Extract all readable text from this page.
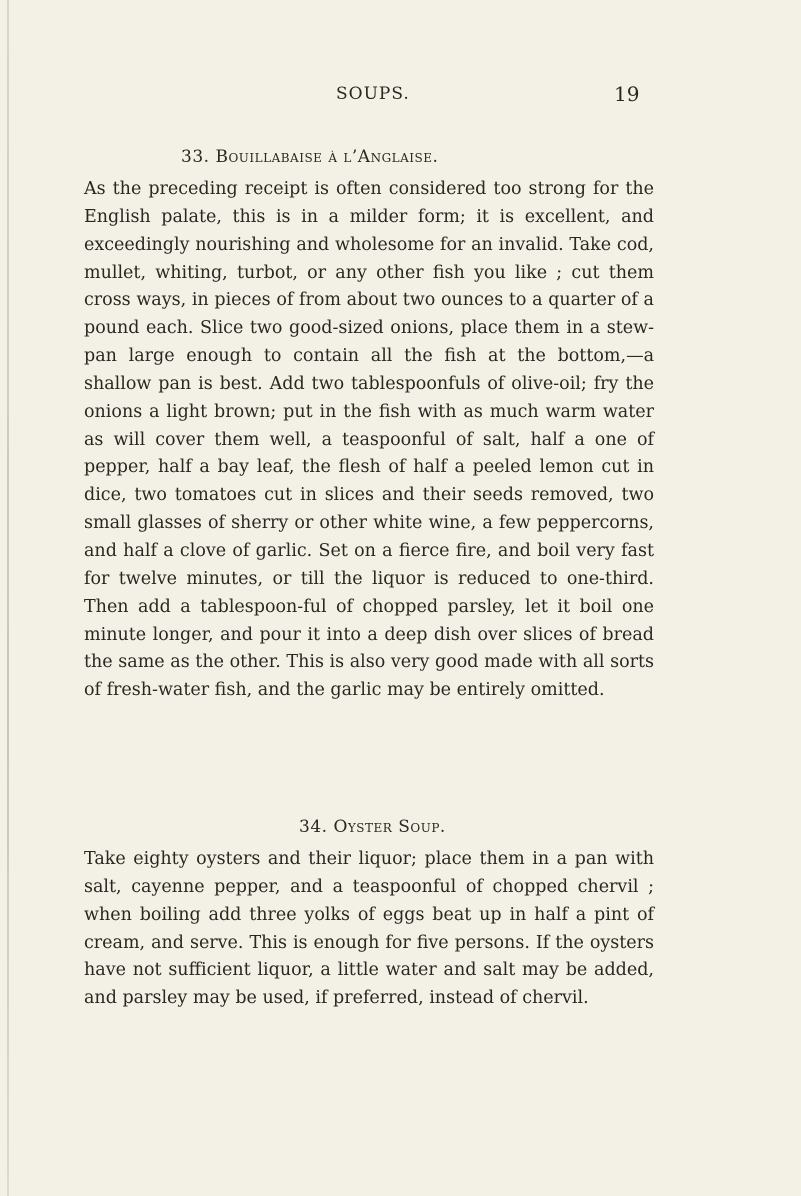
SOUPS.	19
33. Bouillabaise à l’Anglaise.

As the preceding receipt is often considered too strong for the English palate, this is in a milder form; it is excellent, and exceedingly nourishing and wholesome for an invalid. Take cod, mullet, whiting, turbot, or any other fish you like ; cut them cross ways, in pieces of from about two ounces to a quarter of a pound each. Slice two good-sized onions, place them in a stew-pan large enough to contain all the fish at the bottom,—a shallow pan is best. Add two tablespoonfuls of olive-oil; fry the onions a light brown; put in the fish with as much warm water as will cover them well, a teaspoonful of salt, half a one of pepper, half a bay leaf, the flesh of half a peeled lemon cut in dice, two tomatoes cut in slices and their seeds removed, two small glasses of sherry or other white wine, a few peppercorns, and half a clove of garlic. Set on a fierce fire, and boil very fast for twelve minutes, or till the liquor is reduced to one-third. Then add a tablespoon-ful of chopped parsley, let it boil one minute longer, and pour it into a deep dish over slices of bread the same as the other. This is also very good made with all sorts of fresh-water fish, and the garlic may be entirely omitted.

34. Oyster Soup.

Take eighty oysters and their liquor; place them in a pan with salt, cayenne pepper, and a teaspoonful of chopped chervil ; when boiling add three yolks of eggs beat up in half a pint of cream, and serve. This is enough for five persons. If the oysters have not sufficient liquor, a little water and salt may be added, and parsley may be used, if preferred, instead of chervil.
